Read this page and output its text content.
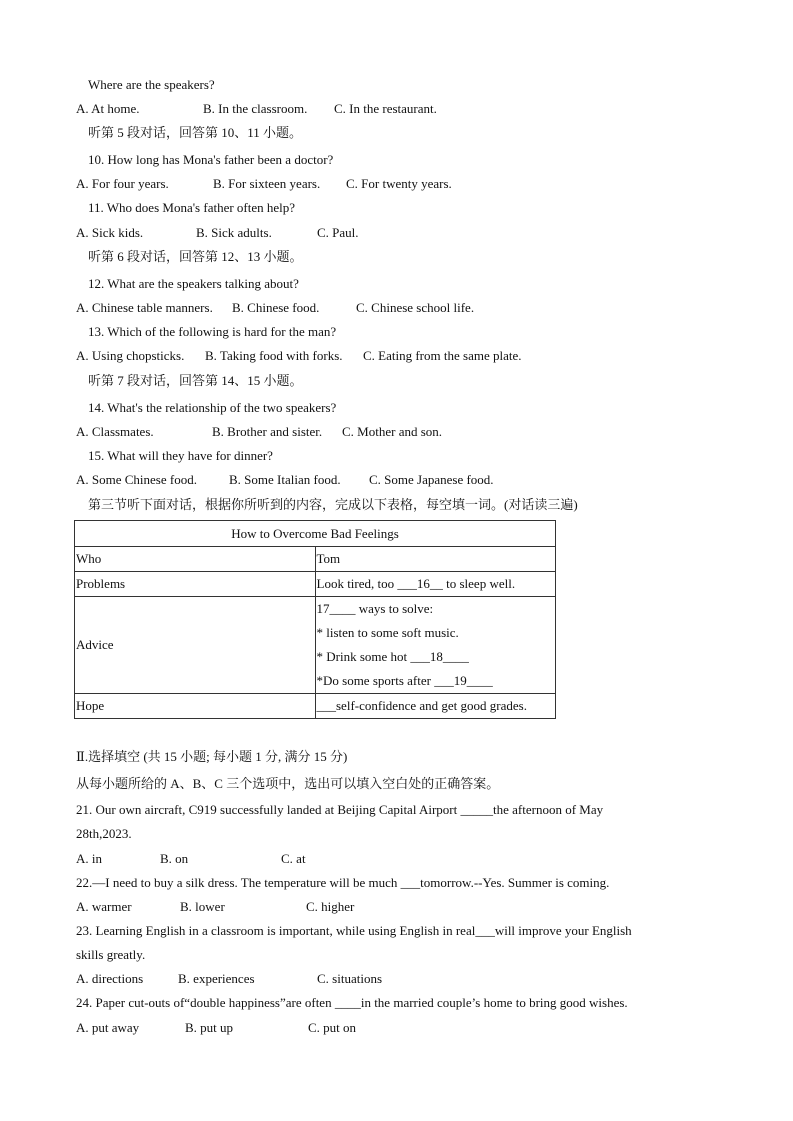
Where are the speakers?
A. At home.	B. In the classroom. C. In the restaurant.
听第 5 段对话，回答第 10、11 小题。
10. How long has Mona's father been a doctor?
A. For four years.	B. For sixteen years. C. For twenty years.
11. Who does Mona's father often help?
A. Sick kids.	B. Sick adults.	C. Paul.
听第 6 段对话，回答第 12、13 小题。
12. What are the speakers talking about?
A. Chinese table manners. B. Chinese food.	C. Chinese school life.
13. Which of the following is hard for the man?
A. Using chopsticks. B. Taking food with forks. C. Eating from the same plate.
听第 7 段对话，回答第 14、15 小题。
14. What's the relationship of the two speakers?
A. Classmates.	B. Brother and sister. C. Mother and son.
15. What will they have for dinner?
A. Some Chinese food. B. Some Italian food. C. Some Japanese food.
第三节听下面对话，根据你所听到的内容，完成以下表格，每空填一词。(对话读三遍)
How to Overcome Bad Feelings	
Who	Tom
Problems	Look tired, too ___16__ to sleep well.
Advice	17____ ways to solve:
* listen to some soft music.
* Drink some hot ___18____
*Do some sports after ___19____

Hope	___self-confidence and get good grades.
Ⅱ.选择填空 (共 15 小题; 每小题 1 分, 满分 15 分)
从每小题所给的 A、B、C 三个选项中，选出可以填入空白处的正确答案。
21. Our own aircraft, C919 successfully landed at Beijing Capital Airport _____the afternoon of May
28th,2023.
A. in	B. on	C. at
22.—I need to buy a silk dress. The temperature will be much ___tomorrow.--Yes. Summer is coming.
A. warmer	B. lower	C. higher
23. Learning English in a classroom is important, while using English in real___will improve your English
skills greatly.
A. directions	B. experiences	C. situations
24. Paper cut-outs of“double happiness”are often ____in the married couple’s home to bring good wishes.
A. put away	B. put up	C. put on
